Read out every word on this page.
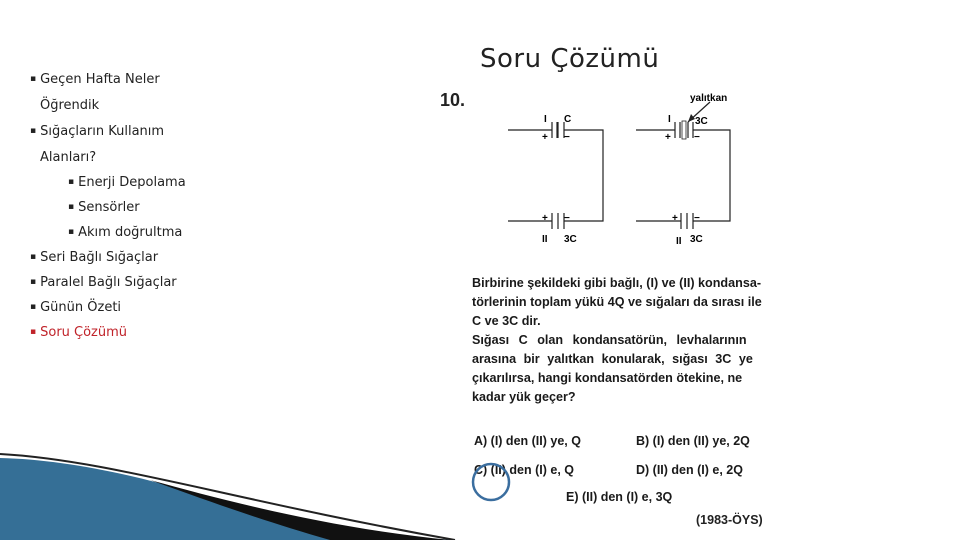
▪ Geçen Hafta Neler
Öğrendik
▪ Sığaçların Kullanım
Alanları?
▪ Enerji Depolama
▪ Sensörler
▪ Akım doğrultma
▪ Seri Bağlı Sığaçlar
▪ Paralel Bağlı Sığaçlar
▪ Günün Özeti
▪ Soru Çözümü
Soru Çözümü
10.	yalıtkan
I C
+ −
+ −
II 3C
I 3C
+ −
+ −
II 3C

Birbirine şekildeki gibi bağlı, (I) ve (II) kondansa-

törlerinin toplam yükü 4Q ve sığaları da sırası ile

C ve 3C dir.

Sığası C olan kondansatörün, levhalarının

arasına bir yalıtkan konularak, sığası 3C ye

çıkarılırsa, hangi kondansatörden ötekine, ne

kadar yük geçer?

A) (I) den (II) ye, Q	B) (I) den (II) ye, 2Q
C) (II) den (I) e, Q	D) (II) den (I) e, 2Q
E) (II) den (I) e, 3Q
(1983-ÖYS)
